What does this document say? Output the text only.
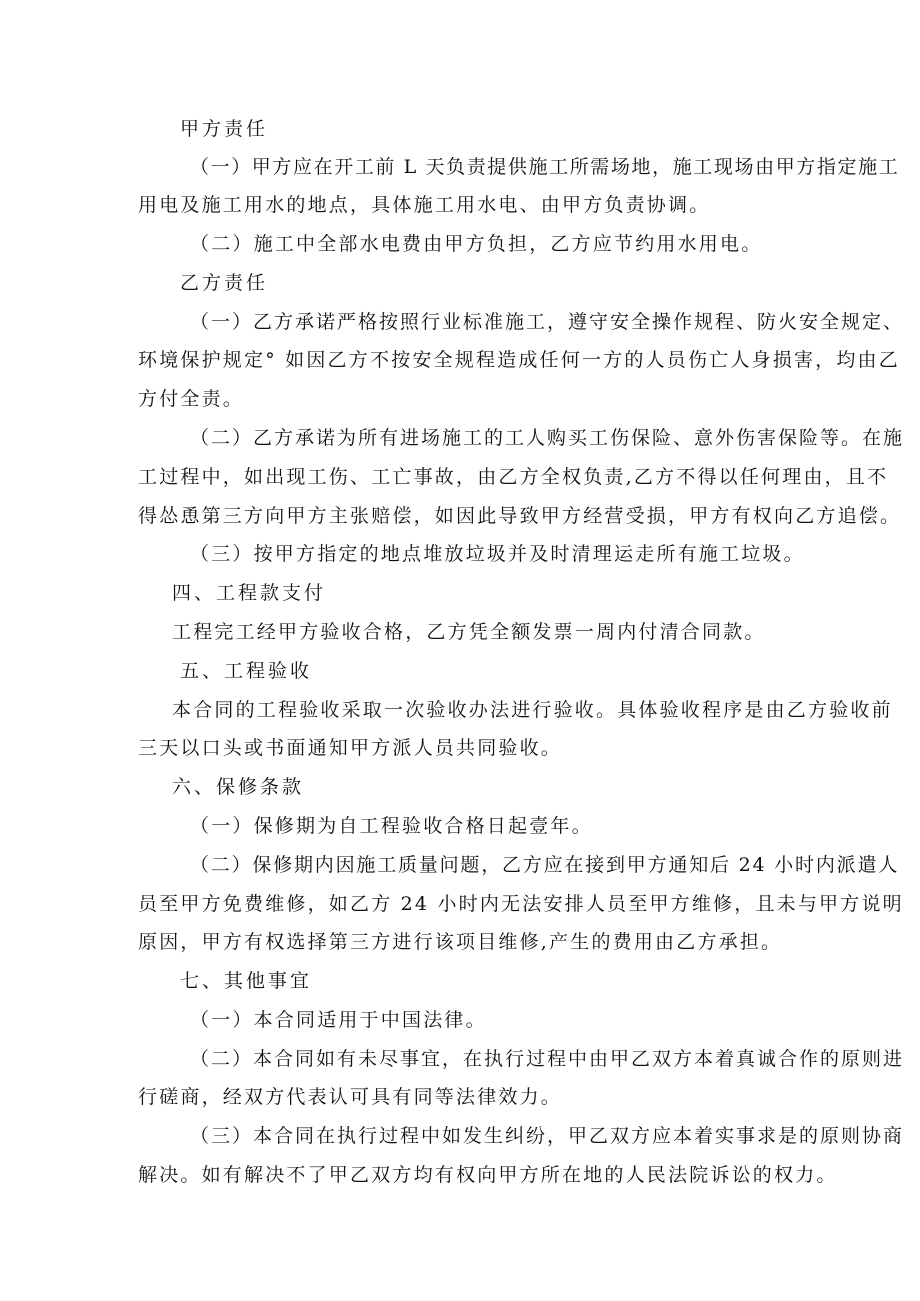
甲方责任
（一）甲方应在开工前 L 天负责提供施工所需场地，施工现场由甲方指定施工
用电及施工用水的地点，具体施工用水电、由甲方负责协调。
（二）施工中全部水电费由甲方负担，乙方应节约用水用电。
乙方责任
（一）乙方承诺严格按照行业标准施工，遵守安全操作规程、防火安全规定、
环境保护规定° 如因乙方不按安全规程造成任何一方的人员伤亡人身损害，均由乙
方付全责。
（二）乙方承诺为所有进场施工的工人购买工伤保险、意外伤害保险等。在施
工过程中，如出现工伤、工亡事故，由乙方全权负责,乙方不得以任何理由，且不
得怂恿第三方向甲方主张赔偿，如因此导致甲方经营受损，甲方有权向乙方追偿。
（三）按甲方指定的地点堆放垃圾并及时清理运走所有施工垃圾。
四、工程款支付
工程完工经甲方验收合格，乙方凭全额发票一周内付清合同款。
五、工程验收
本合同的工程验收采取一次验收办法进行验收。具体验收程序是由乙方验收前
三天以口头或书面通知甲方派人员共同验收。
六、保修条款
（一）保修期为自工程验收合格日起壹年。
（二）保修期内因施工质量问题，乙方应在接到甲方通知后 24 小时内派遣人
员至甲方免费维修，如乙方 24 小时内无法安排人员至甲方维修，且未与甲方说明
原因，甲方有权选择第三方进行该项目维修,产生的费用由乙方承担。
七、其他事宜
（一）本合同适用于中国法律。
（二）本合同如有未尽事宜，在执行过程中由甲乙双方本着真诚合作的原则进
行磋商，经双方代表认可具有同等法律效力。
（三）本合同在执行过程中如发生纠纷，甲乙双方应本着实事求是的原则协商
解决。如有解决不了甲乙双方均有权向甲方所在地的人民法院诉讼的权力。
